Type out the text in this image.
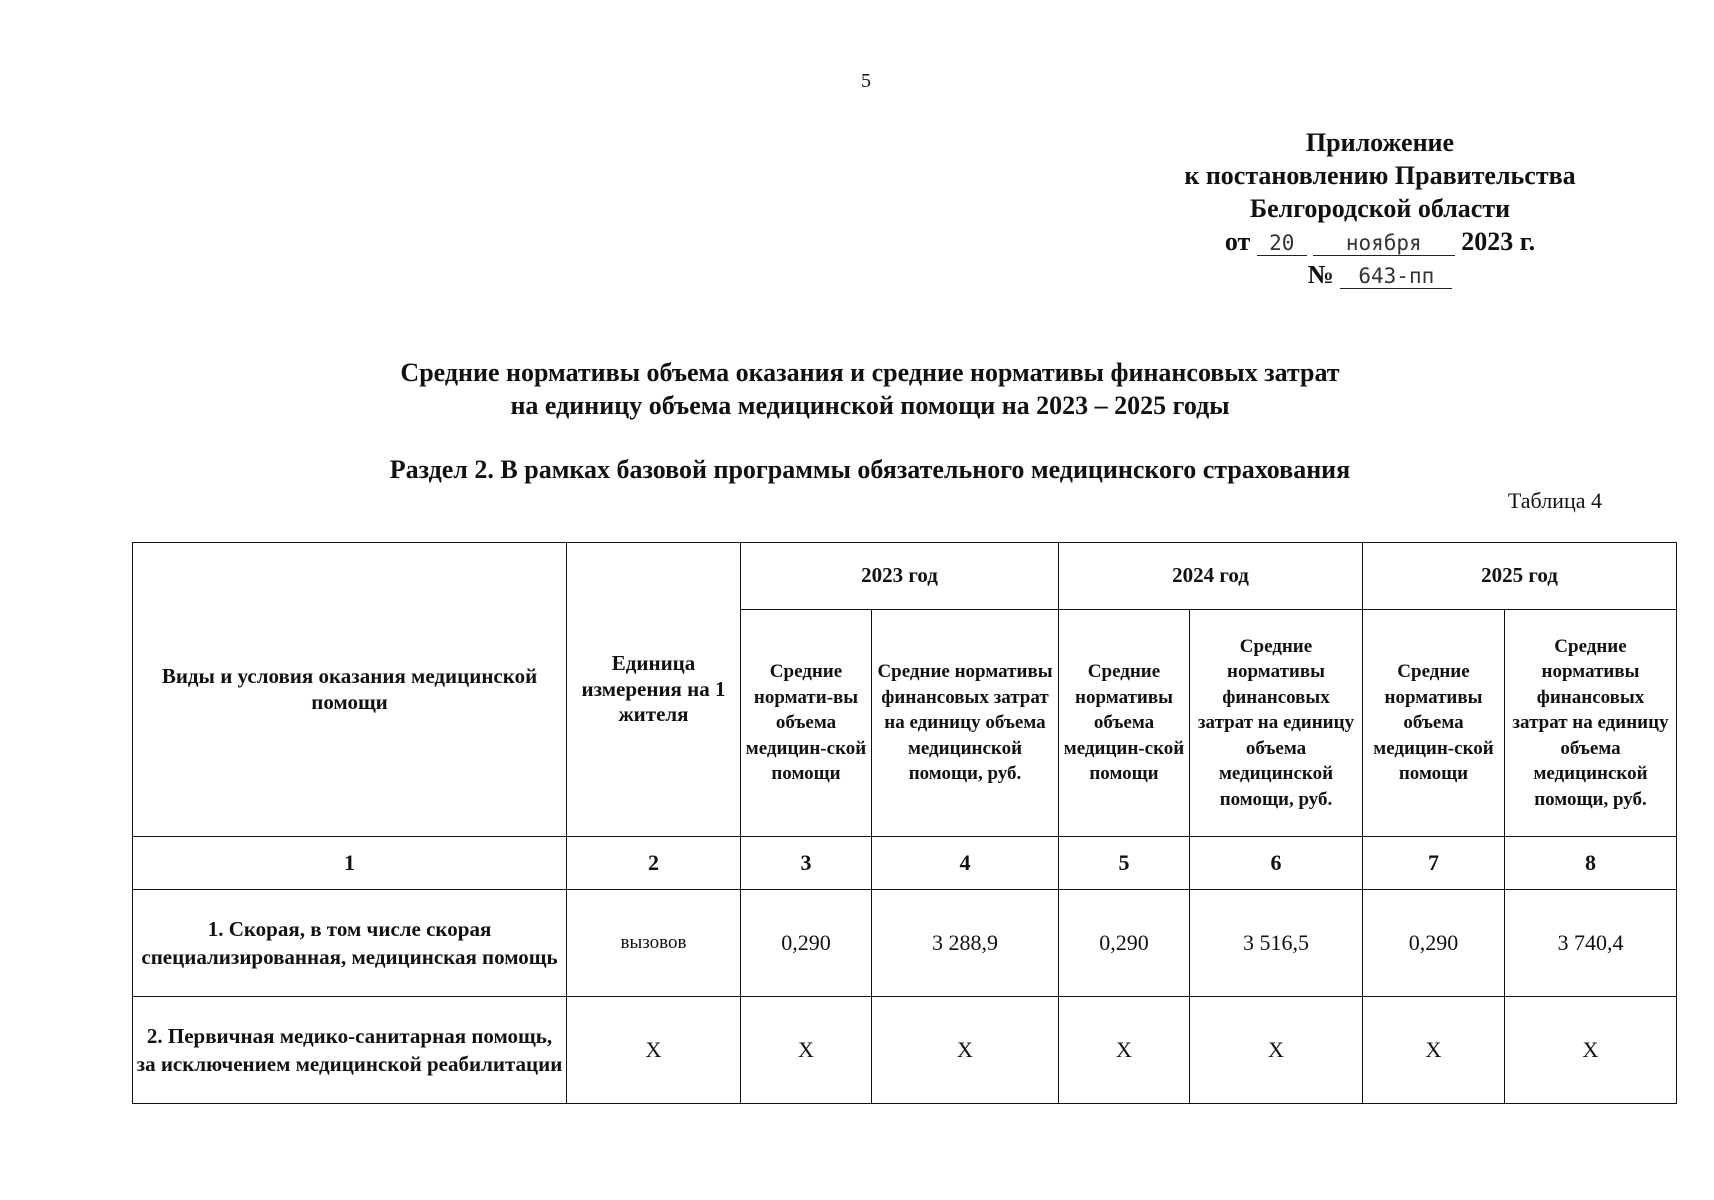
5
Приложение
к постановлению Правительства
Белгородской области
от 20 ноября 2023 г.
№ 643-пп
Средние нормативы объема оказания и средние нормативы финансовых затрат
на единицу объема медицинской помощи на 2023 – 2025 годы
Раздел 2. В рамках базовой программы обязательного медицинского страхования
Таблица 4
Виды и условия оказания медицинской помощи	Единица измерения на 1 жителя	2023 год		2024 год		2025 год	
		Средние нормати-вы объема медицин-ской помощи	Средние нормативы финансовых затрат на единицу объема медицинской помощи, руб.	Средние нормативы объема медицин-ской помощи	Средние нормативы финансовых затрат на единицу объема медицинской помощи, руб.	Средние нормативы объема медицин-ской помощи	Средние нормативы финансовых затрат на единицу объема медицинской помощи, руб.
1	2	3	4	5	6	7	8
1. Скорая, в том числе скорая специализированная, медицинская помощь	вызовов	0,290	3 288,9	0,290	3 516,5	0,290	3 740,4
2. Первичная медико-санитарная помощь, за исключением медицинской реабилитации	Х	Х	Х	Х	Х	Х	Х
